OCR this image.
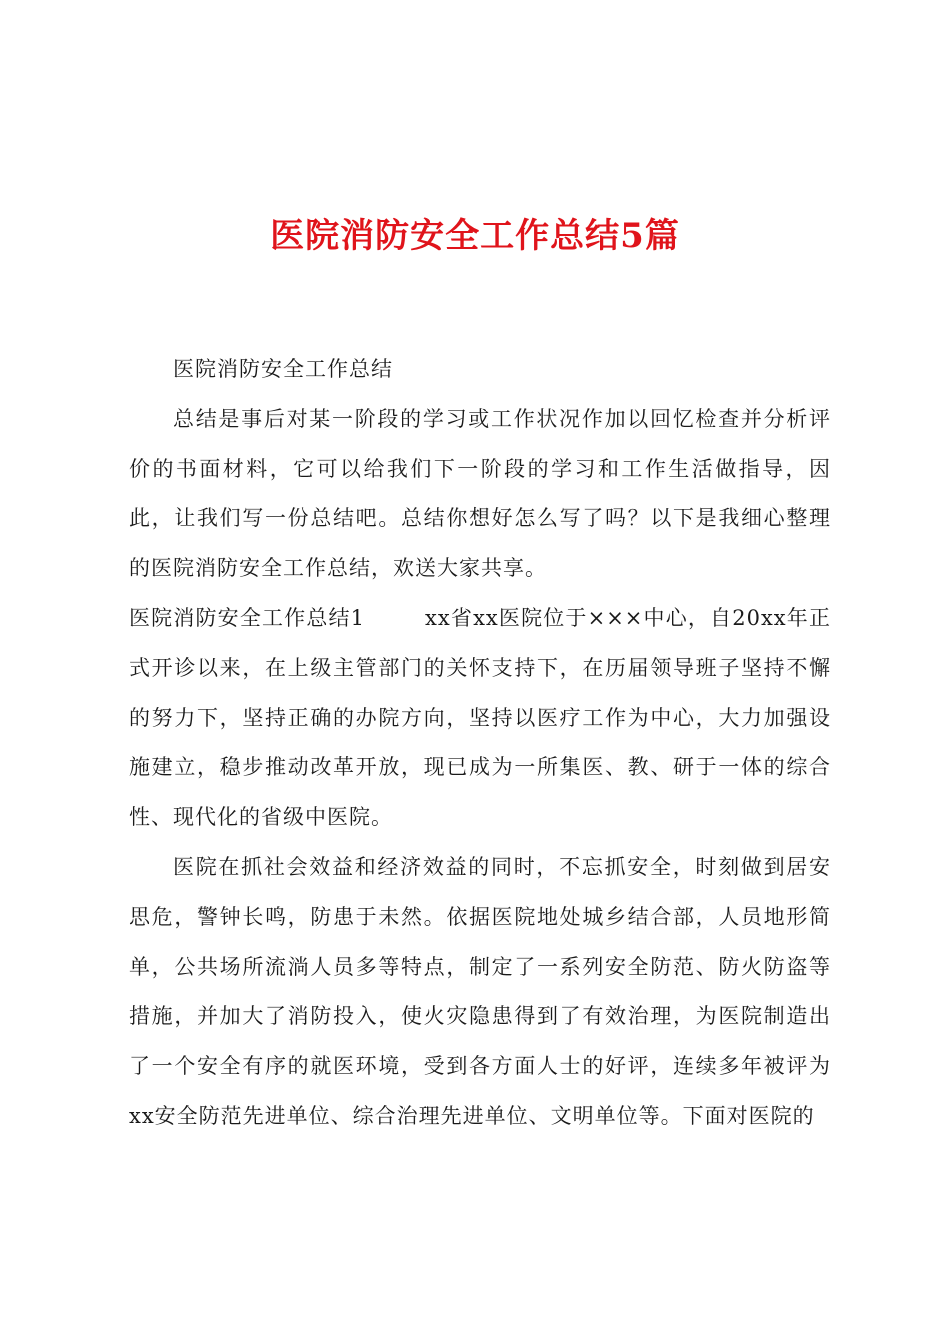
医院消防安全工作总结5篇

医院消防安全工作总结

总结是事后对某一阶段的学习或工作状况作加以回忆检查并分析评价的书面材料，它可以给我们下一阶段的学习和工作生活做指导，因此，让我们写一份总结吧。总结你想好怎么写了吗？以下是我细心整理的医院消防安全工作总结，欢送大家共享。

医院消防安全工作总结1	xx省xx医院位于×××中心，自20xx年正式开诊以来，在上级主管部门的关怀支持下，在历届领导班子坚持不懈的努力下，坚持正确的办院方向，坚持以医疗工作为中心，大力加强设施建立，稳步推动改革开放，现已成为一所集医、教、研于一体的综合性、现代化的省级中医院。

医院在抓社会效益和经济效益的同时，不忘抓安全，时刻做到居安思危，警钟长鸣，防患于未然。依据医院地处城乡结合部，人员地形简单，公共场所流淌人员多等特点，制定了一系列安全防范、防火防盗等措施，并加大了消防投入，使火灾隐患得到了有效治理，为医院制造出了一个安全有序的就医环境，受到各方面人士的好评，连续多年被评为xx安全防范先进单位、综合治理先进单位、文明单位等。下面对医院的
